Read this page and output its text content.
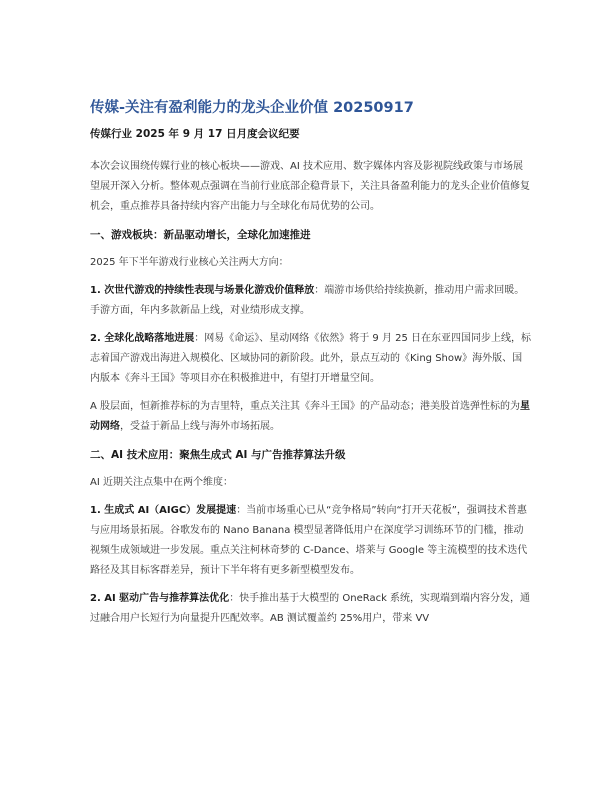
传媒-关注有盈利能力的龙头企业价值 20250917
传媒行业 2025 年 9 月 17 日月度会议纪要

本次会议围绕传媒行业的核心板块——游戏、AI 技术应用、数字媒体内容及影视院线政策与市场展望展开深入分析。整体观点强调在当前行业底部企稳背景下，关注具备盈利能力的龙头企业价值修复机会，重点推荐具备持续内容产出能力与全球化布局优势的公司。

一、游戏板块：新品驱动增长，全球化加速推进

2025 年下半年游戏行业核心关注两大方向：

1. 次世代游戏的持续性表现与场景化游戏价值释放：端游市场供给持续换新，推动用户需求回暖。手游方面，年内多款新品上线，对业绩形成支撑。

2. 全球化战略落地进展：网易《命运》、星动网络《依然》将于 9 月 25 日在东亚四国同步上线，标志着国产游戏出海进入规模化、区域协同的新阶段。此外，景点互动的《King Show》海外版、国内版本《奔斗王国》等项目亦在积极推进中，有望打开增量空间。

A 股层面，恒新推荐标的为吉里特，重点关注其《奔斗王国》的产品动态；港美股首选弹性标的为星动网络，受益于新品上线与海外市场拓展。

二、AI 技术应用：聚焦生成式 AI 与广告推荐算法升级

AI 近期关注点集中在两个维度：

1. 生成式 AI（AIGC）发展提速：当前市场重心已从“竞争格局”转向“打开天花板”，强调技术普惠与应用场景拓展。谷歌发布的 Nano Banana 模型显著降低用户在深度学习训练环节的门槛，推动视频生成领域进一步发展。重点关注柯林奇梦的 C-Dance、塔莱与 Google 等主流模型的技术迭代路径及其目标客群差异，预计下半年将有更多新型模型发布。

2. AI 驱动广告与推荐算法优化：快手推出基于大模型的 OneRack 系统，实现端到端内容分发，通过融合用户长短行为向量提升匹配效率。AB 测试覆盖约 25%用户，带来 VV
